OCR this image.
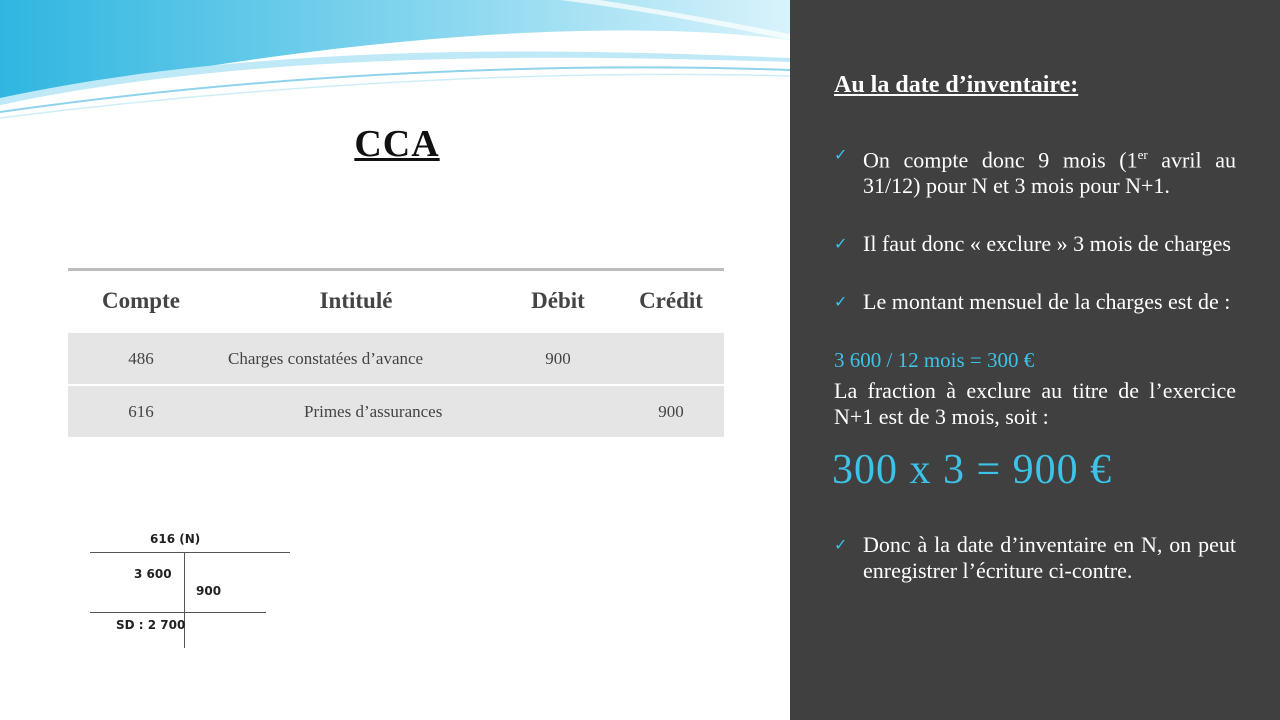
CCA
Compte	Intitulé	Débit	Crédit
486	Charges constatées d’avance	900	
616	Primes d’assurances		900
616 (N)
3 600
900
SD : 2 700
Au la date d’inventaire:
✓ On compte donc 9 mois (1er avril au 31/12) pour N et 3 mois pour N+1.
✓ Il faut donc « exclure » 3 mois de charges
✓ Le montant mensuel de la charges est de :
3 600 / 12 mois = 300 €
La fraction à exclure au titre de l’exercice N+1 est de 3 mois, soit :
300 x 3 = 900 €
✓ Donc à la date d’inventaire en N, on peut enregistrer l’écriture ci-contre.
